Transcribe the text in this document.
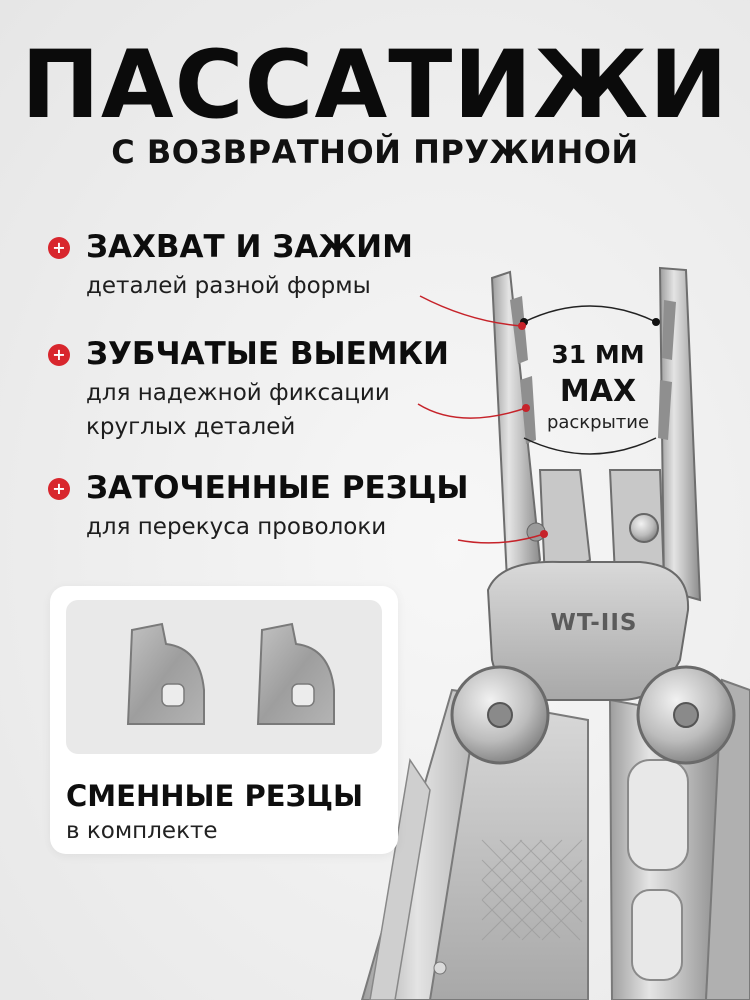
ПАССАТИЖИ
С ВОЗВРАТНОЙ ПРУЖИНОЙ
WT-IIS
31 ММ
MAX
раскрытие
+ ЗАХВАТ И ЗАЖИМ
деталей разной формы
+ ЗУБЧАТЫЕ ВЫЕМКИ
для надежной фиксации
круглых деталей
+ ЗАТОЧЕННЫЕ РЕЗЦЫ
для перекуса проволоки
СМЕННЫЕ РЕЗЦЫ
в комплекте
